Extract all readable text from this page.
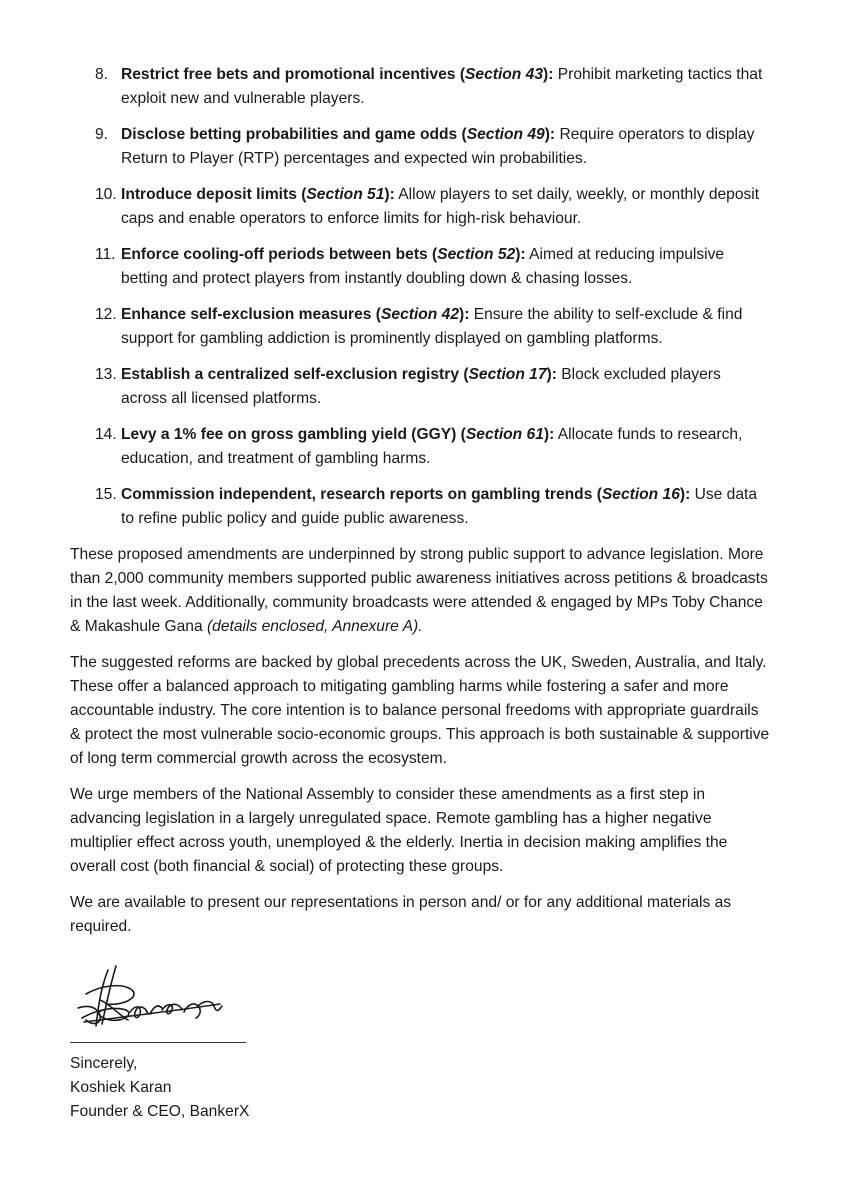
8. Restrict free bets and promotional incentives (Section 43): Prohibit marketing tactics that exploit new and vulnerable players.
9. Disclose betting probabilities and game odds (Section 49): Require operators to display Return to Player (RTP) percentages and expected win probabilities.
10. Introduce deposit limits (Section 51): Allow players to set daily, weekly, or monthly deposit caps and enable operators to enforce limits for high-risk behaviour.
11. Enforce cooling-off periods between bets (Section 52): Aimed at reducing impulsive betting and protect players from instantly doubling down & chasing losses.
12. Enhance self-exclusion measures (Section 42): Ensure the ability to self-exclude & find support for gambling addiction is prominently displayed on gambling platforms.
13. Establish a centralized self-exclusion registry (Section 17): Block excluded players across all licensed platforms.
14. Levy a 1% fee on gross gambling yield (GGY) (Section 61): Allocate funds to research, education, and treatment of gambling harms.
15. Commission independent, research reports on gambling trends (Section 16): Use data to refine public policy and guide public awareness.

These proposed amendments are underpinned by strong public support to advance legislation. More than 2,000 community members supported public awareness initiatives across petitions & broadcasts in the last week. Additionally, community broadcasts were attended & engaged by MPs Toby Chance & Makashule Gana (details enclosed, Annexure A).

The suggested reforms are backed by global precedents across the UK, Sweden, Australia, and Italy. These offer a balanced approach to mitigating gambling harms while fostering a safer and more accountable industry. The core intention is to balance personal freedoms with appropriate guardrails & protect the most vulnerable socio-economic groups. This approach is both sustainable & supportive of long term commercial growth across the ecosystem.

We urge members of the National Assembly to consider these amendments as a first step in advancing legislation in a largely unregulated space. Remote gambling has a higher negative multiplier effect across youth, unemployed & the elderly. Inertia in decision making amplifies the overall cost (both financial & social) of protecting these groups.

We are available to present our representations in person and/ or for any additional materials as required.

Sincerely,
Koshiek Karan
Founder & CEO, BankerX
